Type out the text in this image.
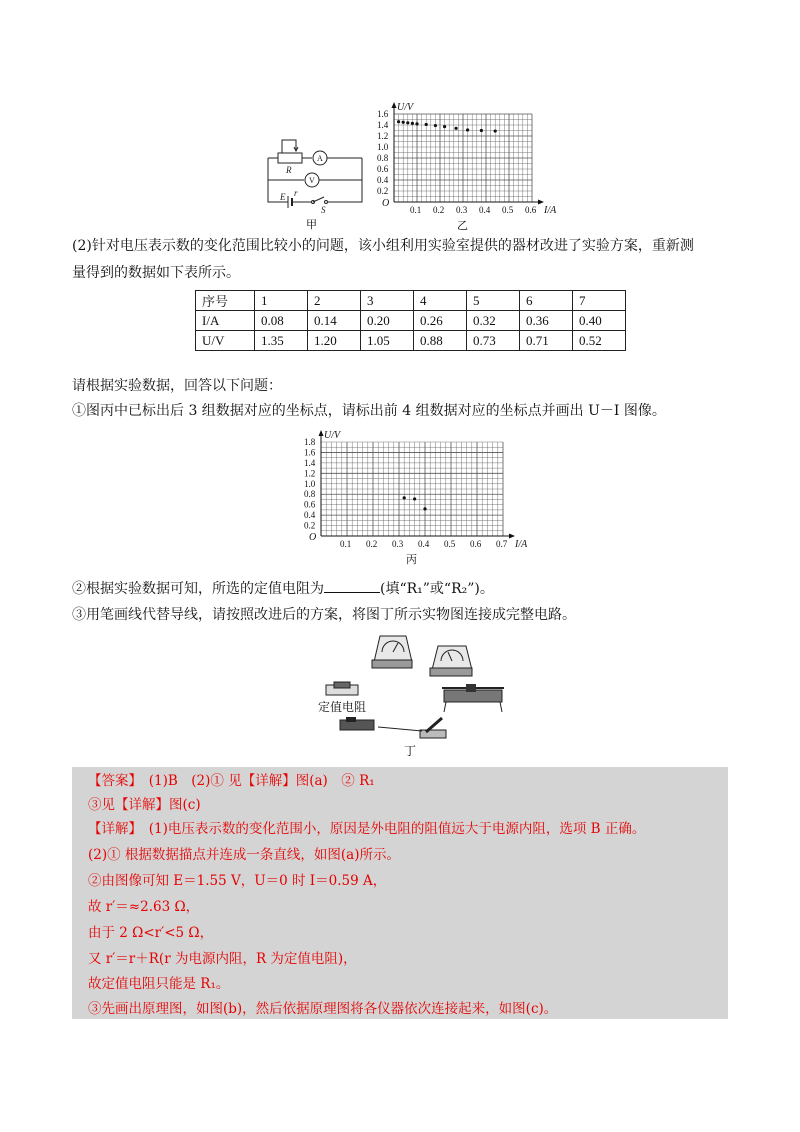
R
A
V
E r
S
甲
0.1 0.2 0.3 0.4 0.5 0.6
0.2
0.4
0.6
0.8
1.0
1.2
1.4
1.6
O
I/A
U/V
乙
(2)针对电压表示数的变化范围比较小的问题，该小组利用实验室提供的器材改进了实验方案，重新测
量得到的数据如下表所示。
序号	1	2	3	4	5	6	7
I/A	0.08	0.14	0.20	0.26	0.32	0.36	0.40
U/V	1.35	1.20	1.05	0.88	0.73	0.71	0.52
请根据实验数据，回答以下问题：
①图丙中已标出后 3 组数据对应的坐标点，请标出前 4 组数据对应的坐标点并画出 U－I 图像。
0.1 0.2 0.3 0.4 0.5 0.6 0.7
0.2
0.4
0.6
0.8
1.0
1.2
1.4
1.6
1.8
O
I/A
U/V
丙
②根据实验数据可知，所选的定值电阻为	(填“R₁”或“R₂”)。
③用笔画线代替导线，请按照改进后的方案，将图丁所示实物图连接成完整电路。
定值电阻
丁
【答案】　(1)B　(2)① 见【详解】图(a)　② R₁
③见【详解】图(c)
【详解】　(1)电压表示数的变化范围小，原因是外电阻的阻值远大于电源内阻，选项 B 正确。
(2)① 根据数据描点并连成一条直线，如图(a)所示。
②由图像可知 E＝1.55 V，U＝0 时 I＝0.59 A，
故 r′＝≈2.63 Ω，
由于 2 Ω<r′<5 Ω，
又 r′＝r＋R(r 为电源内阻，R 为定值电阻)，
故定值电阻只能是 R₁。
③先画出原理图，如图(b)，然后依据原理图将各仪器依次连接起来，如图(c)。
